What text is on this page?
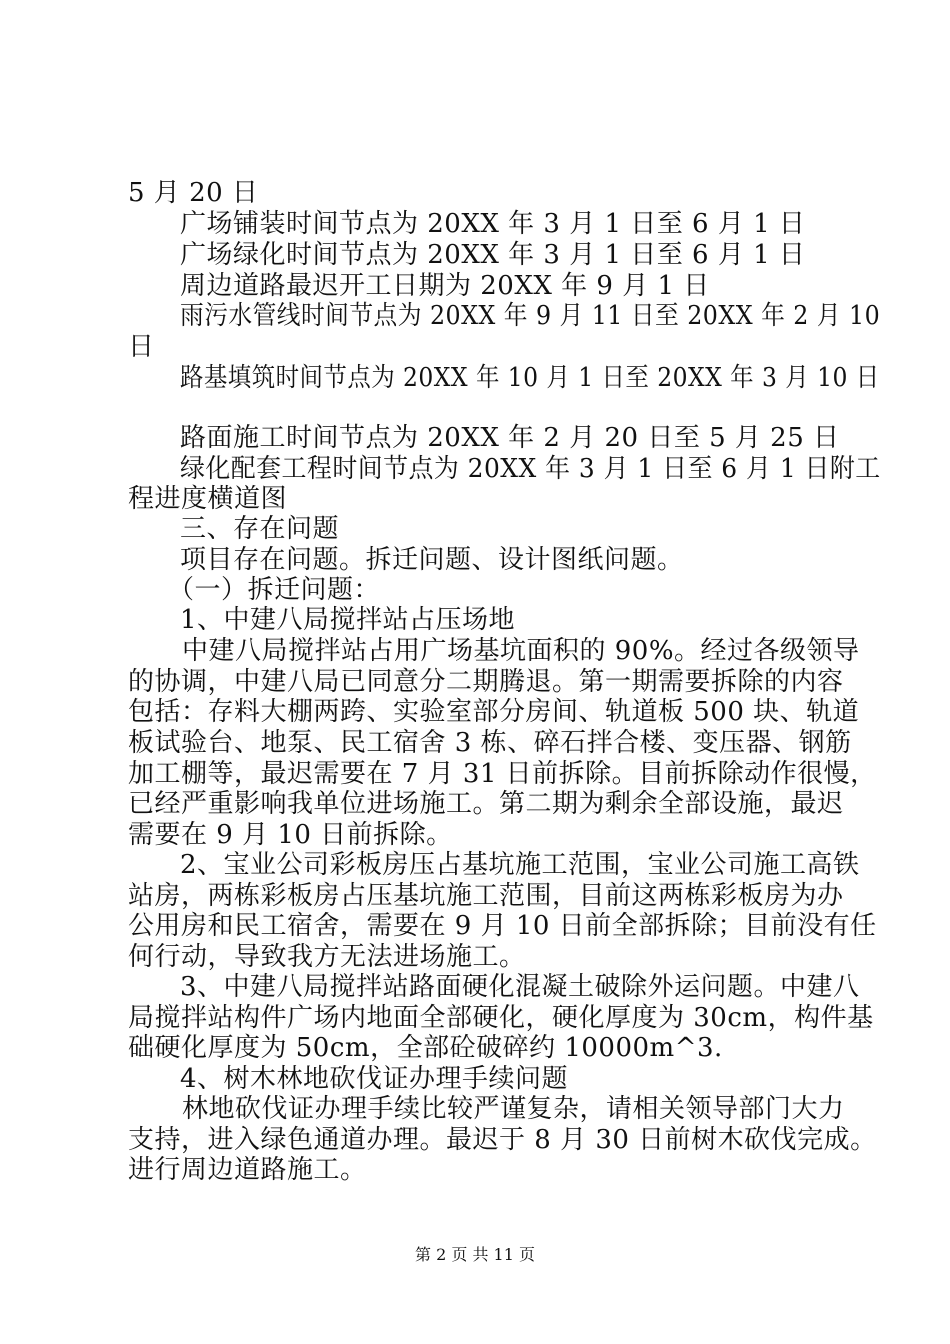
5 月 20 日
广场铺装时间节点为 20XX 年 3 月 1 日至 6 月 1 日
广场绿化时间节点为 20XX 年 3 月 1 日至 6 月 1 日
周边道路最迟开工日期为 20XX 年 9 月 1 日
雨污水管线时间节点为 20XX 年 9 月 11 日至 20XX 年 2 月 10
日
路基填筑时间节点为 20XX 年 10 月 1 日至 20XX 年 3 月 10 日
路面施工时间节点为 20XX 年 2 月 20 日至 5 月 25 日
绿化配套工程时间节点为 20XX 年 3 月 1 日至 6 月 1 日附工
程进度横道图
三、存在问题
项目存在问题。拆迁问题、设计图纸问题。
（一）拆迁问题：
1、中建八局搅拌站占压场地
中建八局搅拌站占用广场基坑面积的 90%。经过各级领导
的协调，中建八局已同意分二期腾退。第一期需要拆除的内容
包括：存料大棚两跨、实验室部分房间、轨道板 500 块、轨道
板试验台、地泵、民工宿舍 3 栋、碎石拌合楼、变压器、钢筋
加工棚等，最迟需要在 7 月 31 日前拆除。目前拆除动作很慢，
已经严重影响我单位进场施工。第二期为剩余全部设施，最迟
需要在 9 月 10 日前拆除。
2、宝业公司彩板房压占基坑施工范围，宝业公司施工高铁
站房，两栋彩板房占压基坑施工范围，目前这两栋彩板房为办
公用房和民工宿舍，需要在 9 月 10 日前全部拆除；目前没有任
何行动，导致我方无法进场施工。
3、中建八局搅拌站路面硬化混凝土破除外运问题。中建八
局搅拌站构件广场内地面全部硬化，硬化厚度为 30cm，构件基
础硬化厚度为 50cm，全部砼破碎约 10000m^3.
4、树木林地砍伐证办理手续问题
林地砍伐证办理手续比较严谨复杂，请相关领导部门大力
支持，进入绿色通道办理。最迟于 8 月 30 日前树木砍伐完成。
进行周边道路施工。
第 2 页 共 11 页
